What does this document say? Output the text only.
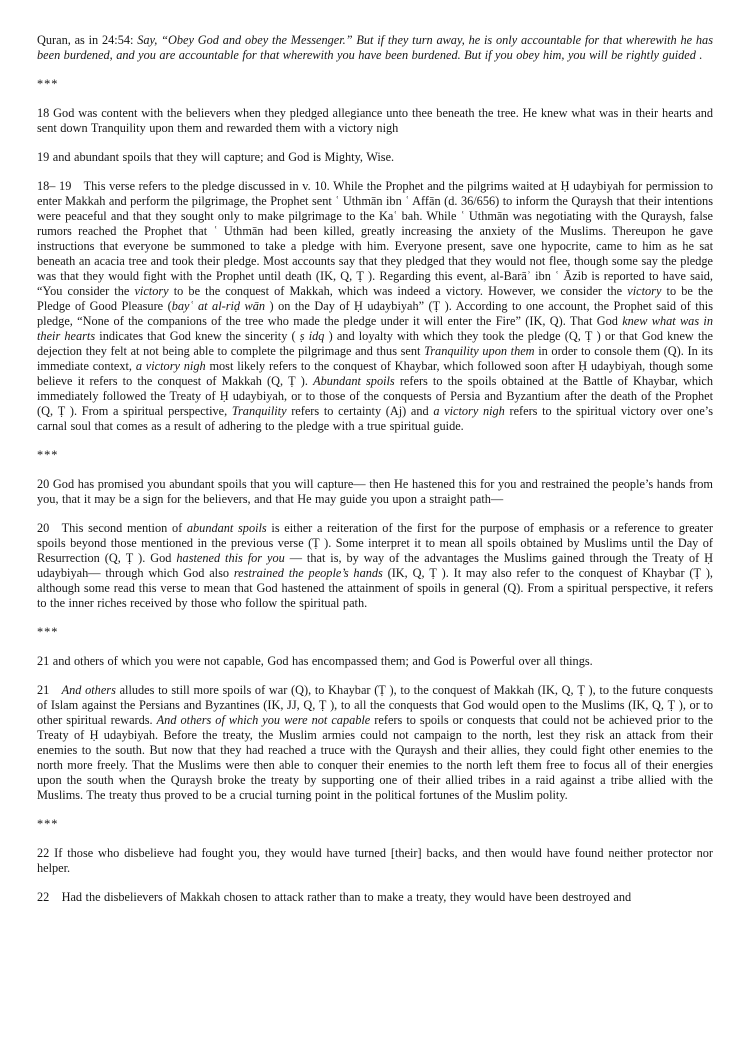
Quran, as in 24:54: Say, “Obey God and obey the Messenger.” But if they turn away, he is only accountable for that wherewith he has been burdened, and you are accountable for that wherewith you have been burdened. But if you obey him, you will be rightly guided .

***

18 God was content with the believers when they pledged allegiance unto thee beneath the tree. He knew what was in their hearts and sent down Tranquility upon them and rewarded them with a victory nigh

19 and abundant spoils that they will capture; and God is Mighty, Wise.

18– 19 This verse refers to the pledge discussed in v. 10. While the Prophet and the pilgrims waited at Ḥ udaybiyah for permission to enter Makkah and perform the pilgrimage, the Prophet sent ʿ Uthmān ibn ʿ Affān (d. 36/656) to inform the Quraysh that their intentions were peaceful and that they sought only to make pilgrimage to the Kaʿ bah. While ʿ Uthmān was negotiating with the Quraysh, false rumors reached the Prophet that ʿ Uthmān had been killed, greatly increasing the anxiety of the Muslims. Thereupon he gave instructions that everyone be summoned to take a pledge with him. Everyone present, save one hypocrite, came to him as he sat beneath an acacia tree and took their pledge. Most accounts say that they pledged that they would not flee, though some say the pledge was that they would fight with the Prophet until death (IK, Q, Ṭ ). Regarding this event, al-Barāʾ ibn ʿ Āzib is reported to have said, “You consider the victory to be the conquest of Makkah, which was indeed a victory. However, we consider the victory to be the Pledge of Good Pleasure (bayʿ at al-riḍ wān ) on the Day of Ḥ udaybiyah” (Ṭ ). According to one account, the Prophet said of this pledge, “None of the companions of the tree who made the pledge under it will enter the Fire” (IK, Q). That God knew what was in their hearts indicates that God knew the sincerity ( ṣ idq ) and loyalty with which they took the pledge (Q, Ṭ ) or that God knew the dejection they felt at not being able to complete the pilgrimage and thus sent Tranquility upon them in order to console them (Q). In its immediate context, a victory nigh most likely refers to the conquest of Khaybar, which followed soon after Ḥ udaybiyah, though some believe it refers to the conquest of Makkah (Q, Ṭ ). Abundant spoils refers to the spoils obtained at the Battle of Khaybar, which immediately followed the Treaty of Ḥ udaybiyah, or to those of the conquests of Persia and Byzantium after the death of the Prophet (Q, Ṭ ). From a spiritual perspective, Tranquility refers to certainty (Aj) and a victory nigh refers to the spiritual victory over one’s carnal soul that comes as a result of adhering to the pledge with a true spiritual guide.

***

20 God has promised you abundant spoils that you will capture— then He hastened this for you and restrained the people’s hands from you, that it may be a sign for the believers, and that He may guide you upon a straight path—

20 This second mention of abundant spoils is either a reiteration of the first for the purpose of emphasis or a reference to greater spoils beyond those mentioned in the previous verse (Ṭ ). Some interpret it to mean all spoils obtained by Muslims until the Day of Resurrection (Q, Ṭ ). God hastened this for you — that is, by way of the advantages the Muslims gained through the Treaty of Ḥ udaybiyah— through which God also restrained the people’s hands (IK, Q, Ṭ ). It may also refer to the conquest of Khaybar (Ṭ ), although some read this verse to mean that God hastened the attainment of spoils in general (Q). From a spiritual perspective, it refers to the inner riches received by those who follow the spiritual path.

***

21 and others of which you were not capable, God has encompassed them; and God is Powerful over all things.

21 And others alludes to still more spoils of war (Q), to Khaybar (Ṭ ), to the conquest of Makkah (IK, Q, Ṭ ), to the future conquests of Islam against the Persians and Byzantines (IK, JJ, Q, Ṭ ), to all the conquests that God would open to the Muslims (IK, Q, Ṭ ), or to other spiritual rewards. And others of which you were not capable refers to spoils or conquests that could not be achieved prior to the Treaty of Ḥ udaybiyah. Before the treaty, the Muslim armies could not campaign to the north, lest they risk an attack from their enemies to the south. But now that they had reached a truce with the Quraysh and their allies, they could fight other enemies to the north more freely. That the Muslims were then able to conquer their enemies to the north left them free to focus all of their energies upon the south when the Quraysh broke the treaty by supporting one of their allied tribes in a raid against a tribe allied with the Muslims. The treaty thus proved to be a crucial turning point in the political fortunes of the Muslim polity.

***

22 If those who disbelieve had fought you, they would have turned [their] backs, and then would have found neither protector nor helper.

22 Had the disbelievers of Makkah chosen to attack rather than to make a treaty, they would have been destroyed and
